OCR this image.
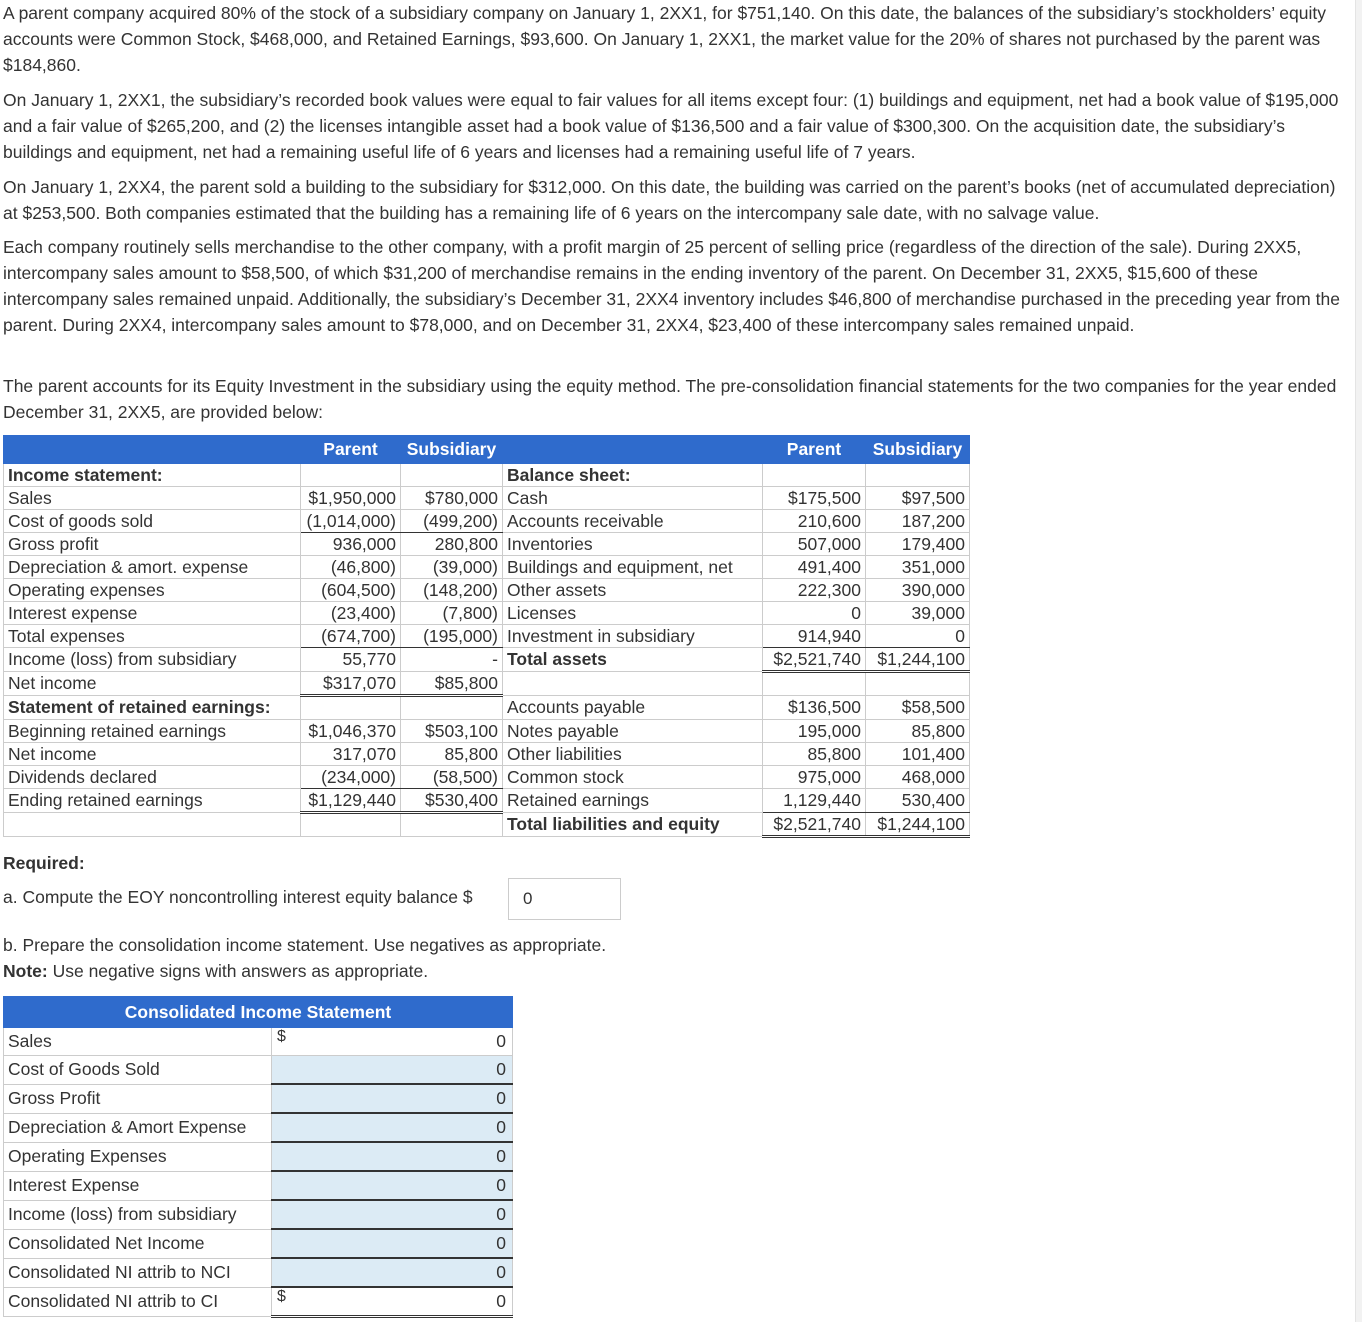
A parent company acquired 80% of the stock of a subsidiary company on January 1, 2XX1, for $751,140. On this date, the balances of the subsidiary’s stockholders’ equity accounts were Common Stock, $468,000, and Retained Earnings, $93,600. On January 1, 2XX1, the market value for the 20% of shares not purchased by the parent was $184,860.

On January 1, 2XX1, the subsidiary’s recorded book values were equal to fair values for all items except four: (1) buildings and equipment, net had a book value of $195,000 and a fair value of $265,200, and (2) the licenses intangible asset had a book value of $136,500 and a fair value of $300,300. On the acquisition date, the subsidiary’s buildings and equipment, net had a remaining useful life of 6 years and licenses had a remaining useful life of 7 years.

On January 1, 2XX4, the parent sold a building to the subsidiary for $312,000. On this date, the building was carried on the parent’s books (net of accumulated depreciation) at $253,500. Both companies estimated that the building has a remaining life of 6 years on the intercompany sale date, with no salvage value.

Each company routinely sells merchandise to the other company, with a profit margin of 25 percent of selling price (regardless of the direction of the sale). During 2XX5, intercompany sales amount to $58,500, of which $31,200 of merchandise remains in the ending inventory of the parent. On December 31, 2XX5, $15,600 of these intercompany sales remained unpaid. Additionally, the subsidiary’s December 31, 2XX4 inventory includes $46,800 of merchandise purchased in the preceding year from the parent. During 2XX4, intercompany sales amount to $78,000, and on December 31, 2XX4, $23,400 of these intercompany sales remained unpaid.

The parent accounts for its Equity Investment in the subsidiary using the equity method. The pre-consolidation financial statements for the two companies for the year ended December 31, 2XX5, are provided below:

	Parent	Subsidiary		Parent	Subsidiary
Income statement:			Balance sheet:		
Sales	$1,950,000	$780,000	Cash	$175,500	$97,500
Cost of goods sold	(1,014,000)	(499,200)	Accounts receivable	210,600	187,200
Gross profit	936,000	280,800	Inventories	507,000	179,400
Depreciation & amort. expense	(46,800)	(39,000)	Buildings and equipment, net	491,400	351,000
Operating expenses	(604,500)	(148,200)	Other assets	222,300	390,000
Interest expense	(23,400)	(7,800)	Licenses	0	39,000
Total expenses	(674,700)	(195,000)	Investment in subsidiary	914,940	0
Income (loss) from subsidiary	55,770	-	Total assets	$2,521,740	$1,244,100
Net income	$317,070	$85,800			
Statement of retained earnings:			Accounts payable	$136,500	$58,500
Beginning retained earnings	$1,046,370	$503,100	Notes payable	195,000	85,800
Net income	317,070	85,800	Other liabilities	85,800	101,400
Dividends declared	(234,000)	(58,500)	Common stock	975,000	468,000
Ending retained earnings	$1,129,440	$530,400	Retained earnings	1,129,440	530,400
			Total liabilities and equity	$2,521,740	$1,244,100

Required:

a. Compute the EOY noncontrolling interest equity balance $	0

b. Prepare the consolidation income statement. Use negatives as appropriate.

Note: Use negative signs with answers as appropriate.

Consolidated Income Statement	
Sales	$ 0
Cost of Goods Sold	0
Gross Profit	0
Depreciation & Amort Expense	0
Operating Expenses	0
Interest Expense	0
Income (loss) from subsidiary	0
Consolidated Net Income	0
Consolidated NI attrib to NCI	0
Consolidated NI attrib to CI	$ 0
